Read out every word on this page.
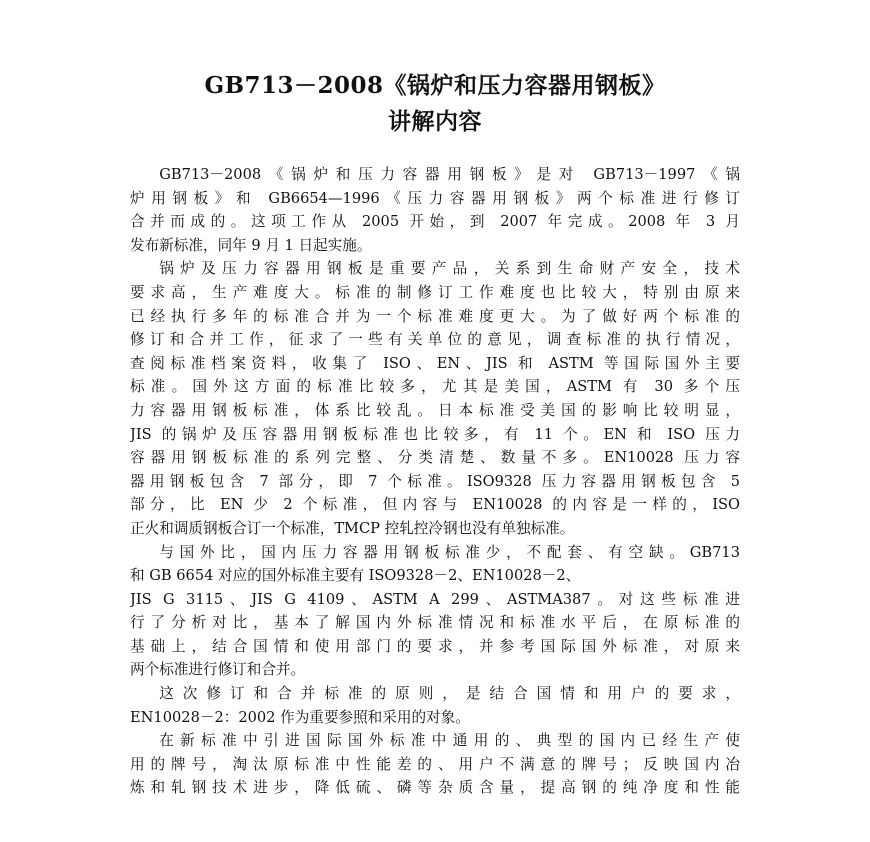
GB713－2008《锅炉和压力容器用钢板》
讲解内容
GB713－2008《锅炉和压力容器用钢板》是对 GB713－1997《锅
炉用钢板》和 GB6654—1996《压力容器用钢板》两个标准进行修订
合并而成的。这项工作从 2005 开始，到 2007 年完成。2008 年 3 月
发布新标准，同年 9 月 1 日起实施。
锅炉及压力容器用钢板是重要产品，关系到生命财产安全，技术
要求高，生产难度大。标准的制修订工作难度也比较大，特别由原来
已经执行多年的标准合并为一个标准难度更大。为了做好两个标准的
修订和合并工作，征求了一些有关单位的意见，调查标准的执行情况，
查阅标准档案资料，收集了 ISO、EN、JIS 和 ASTM 等国际国外主要
标准。国外这方面的标准比较多，尤其是美国，ASTM 有 30 多个压
力容器用钢板标准，体系比较乱。日本标准受美国的影响比较明显，
JIS 的锅炉及压容器用钢板标准也比较多，有 11 个。EN 和 ISO 压力
容器用钢板标准的系列完整、分类清楚、数量不多。EN10028 压力容
器用钢板包含 7 部分，即 7 个标准。ISO9328 压力容器用钢板包含 5
部分，比 EN 少 2 个标准，但内容与 EN10028 的内容是一样的，ISO
正火和调质钢板合订一个标准，TMCP 控轧控冷钢也没有单独标准。
与国外比，国内压力容器用钢板标准少，不配套、有空缺。GB713
和 GB 6654 对应的国外标准主要有 ISO9328－2、EN10028－2、
JIS G 3115、JIS G 4109、ASTM A 299、ASTMA387。对这些标准进
行了分析对比，基本了解国内外标准情况和标准水平后，在原标准的
基础上，结合国情和使用部门的要求，并参考国际国外标准，对原来
两个标准进行修订和合并。
这次修订和合并标准的原则，是结合国情和用户的要求，
EN10028－2：2002 作为重要参照和采用的对象。
在新标准中引进国际国外标准中通用的、典型的国内已经生产使
用的牌号，淘汰原标准中性能差的、用户不满意的牌号；反映国内冶
炼和轧钢技术进步，降低硫、磷等杂质含量，提高钢的纯净度和性能
